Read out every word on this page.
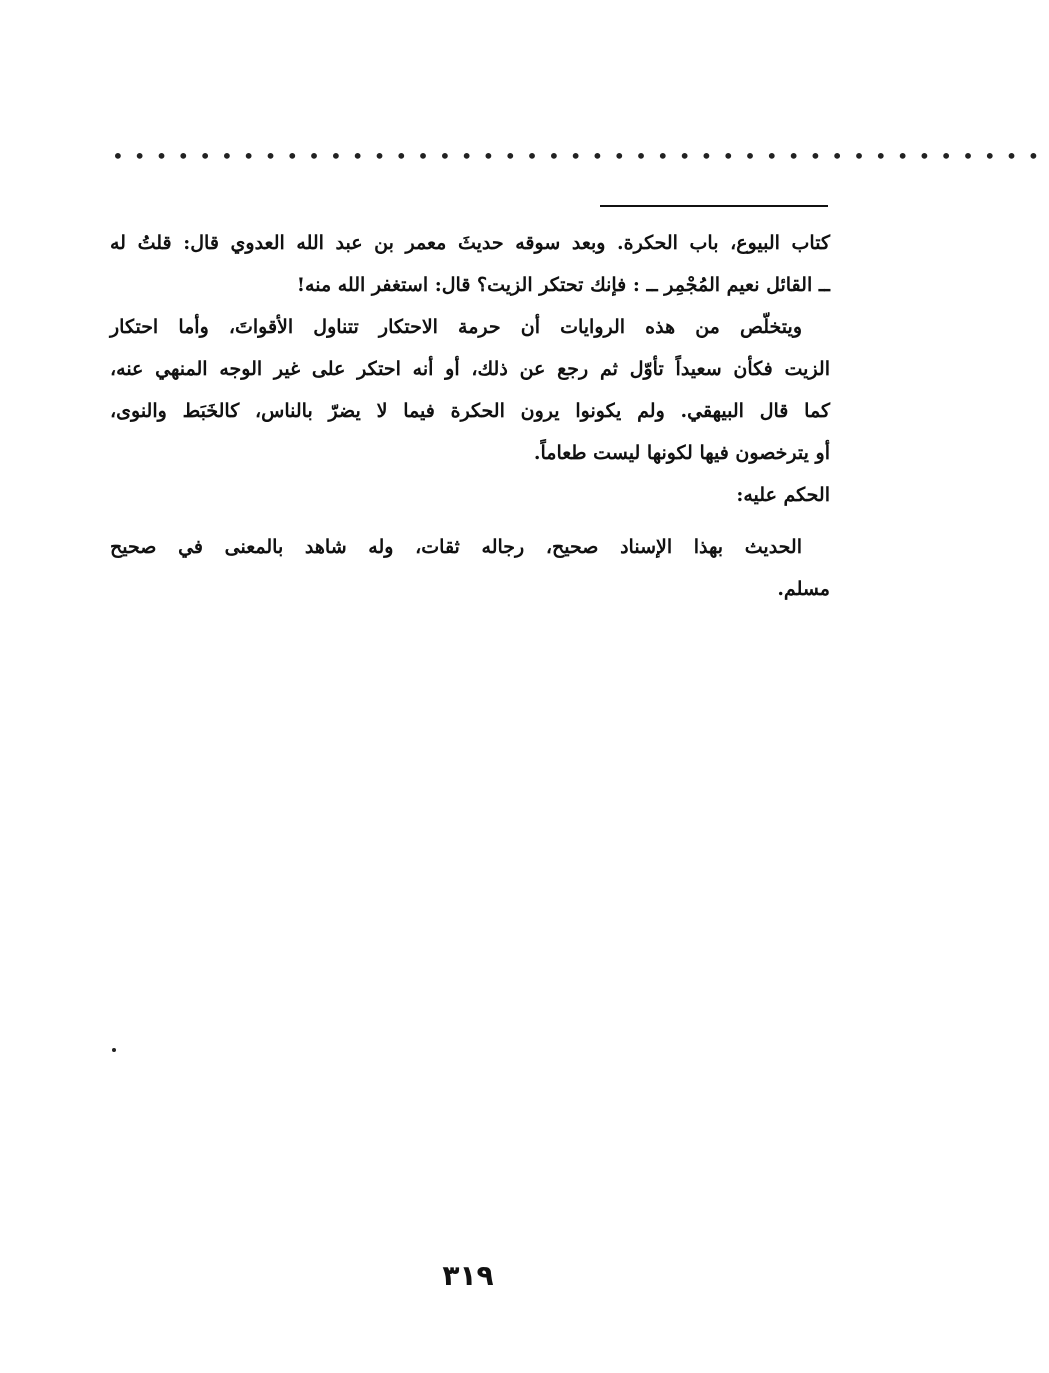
•••••••••••••••••••••••••••••••••••••••••••
كتاب البيوع، باب الحكرة. وبعد سوقه حديثَ معمر بن عبد الله العدوي قال: قلتُ له
ــ القائل نعيم المُجْمِر ــ : فإنك تحتكر الزيت؟ قال: استغفر الله منه!
ويتخلّص من هذه الروايات أن حرمة الاحتكار تتناول الأقواتَ، وأما احتكار
الزيت فكأن سعيداً تأوّل ثم رجع عن ذلك، أو أنه احتكر على غير الوجه المنهي عنه،
كما قال البيهقي. ولم يكونوا يرون الحكرة فيما لا يضرّ بالناس، كالخَبَط والنوى،
أو يترخصون فيها لكونها ليست طعاماً.
الحكم عليه:
الحديث بهذا الإسناد صحيح، رجاله ثقات، وله شاهد بالمعنى في صحيح
مسلم.
٣١٩
